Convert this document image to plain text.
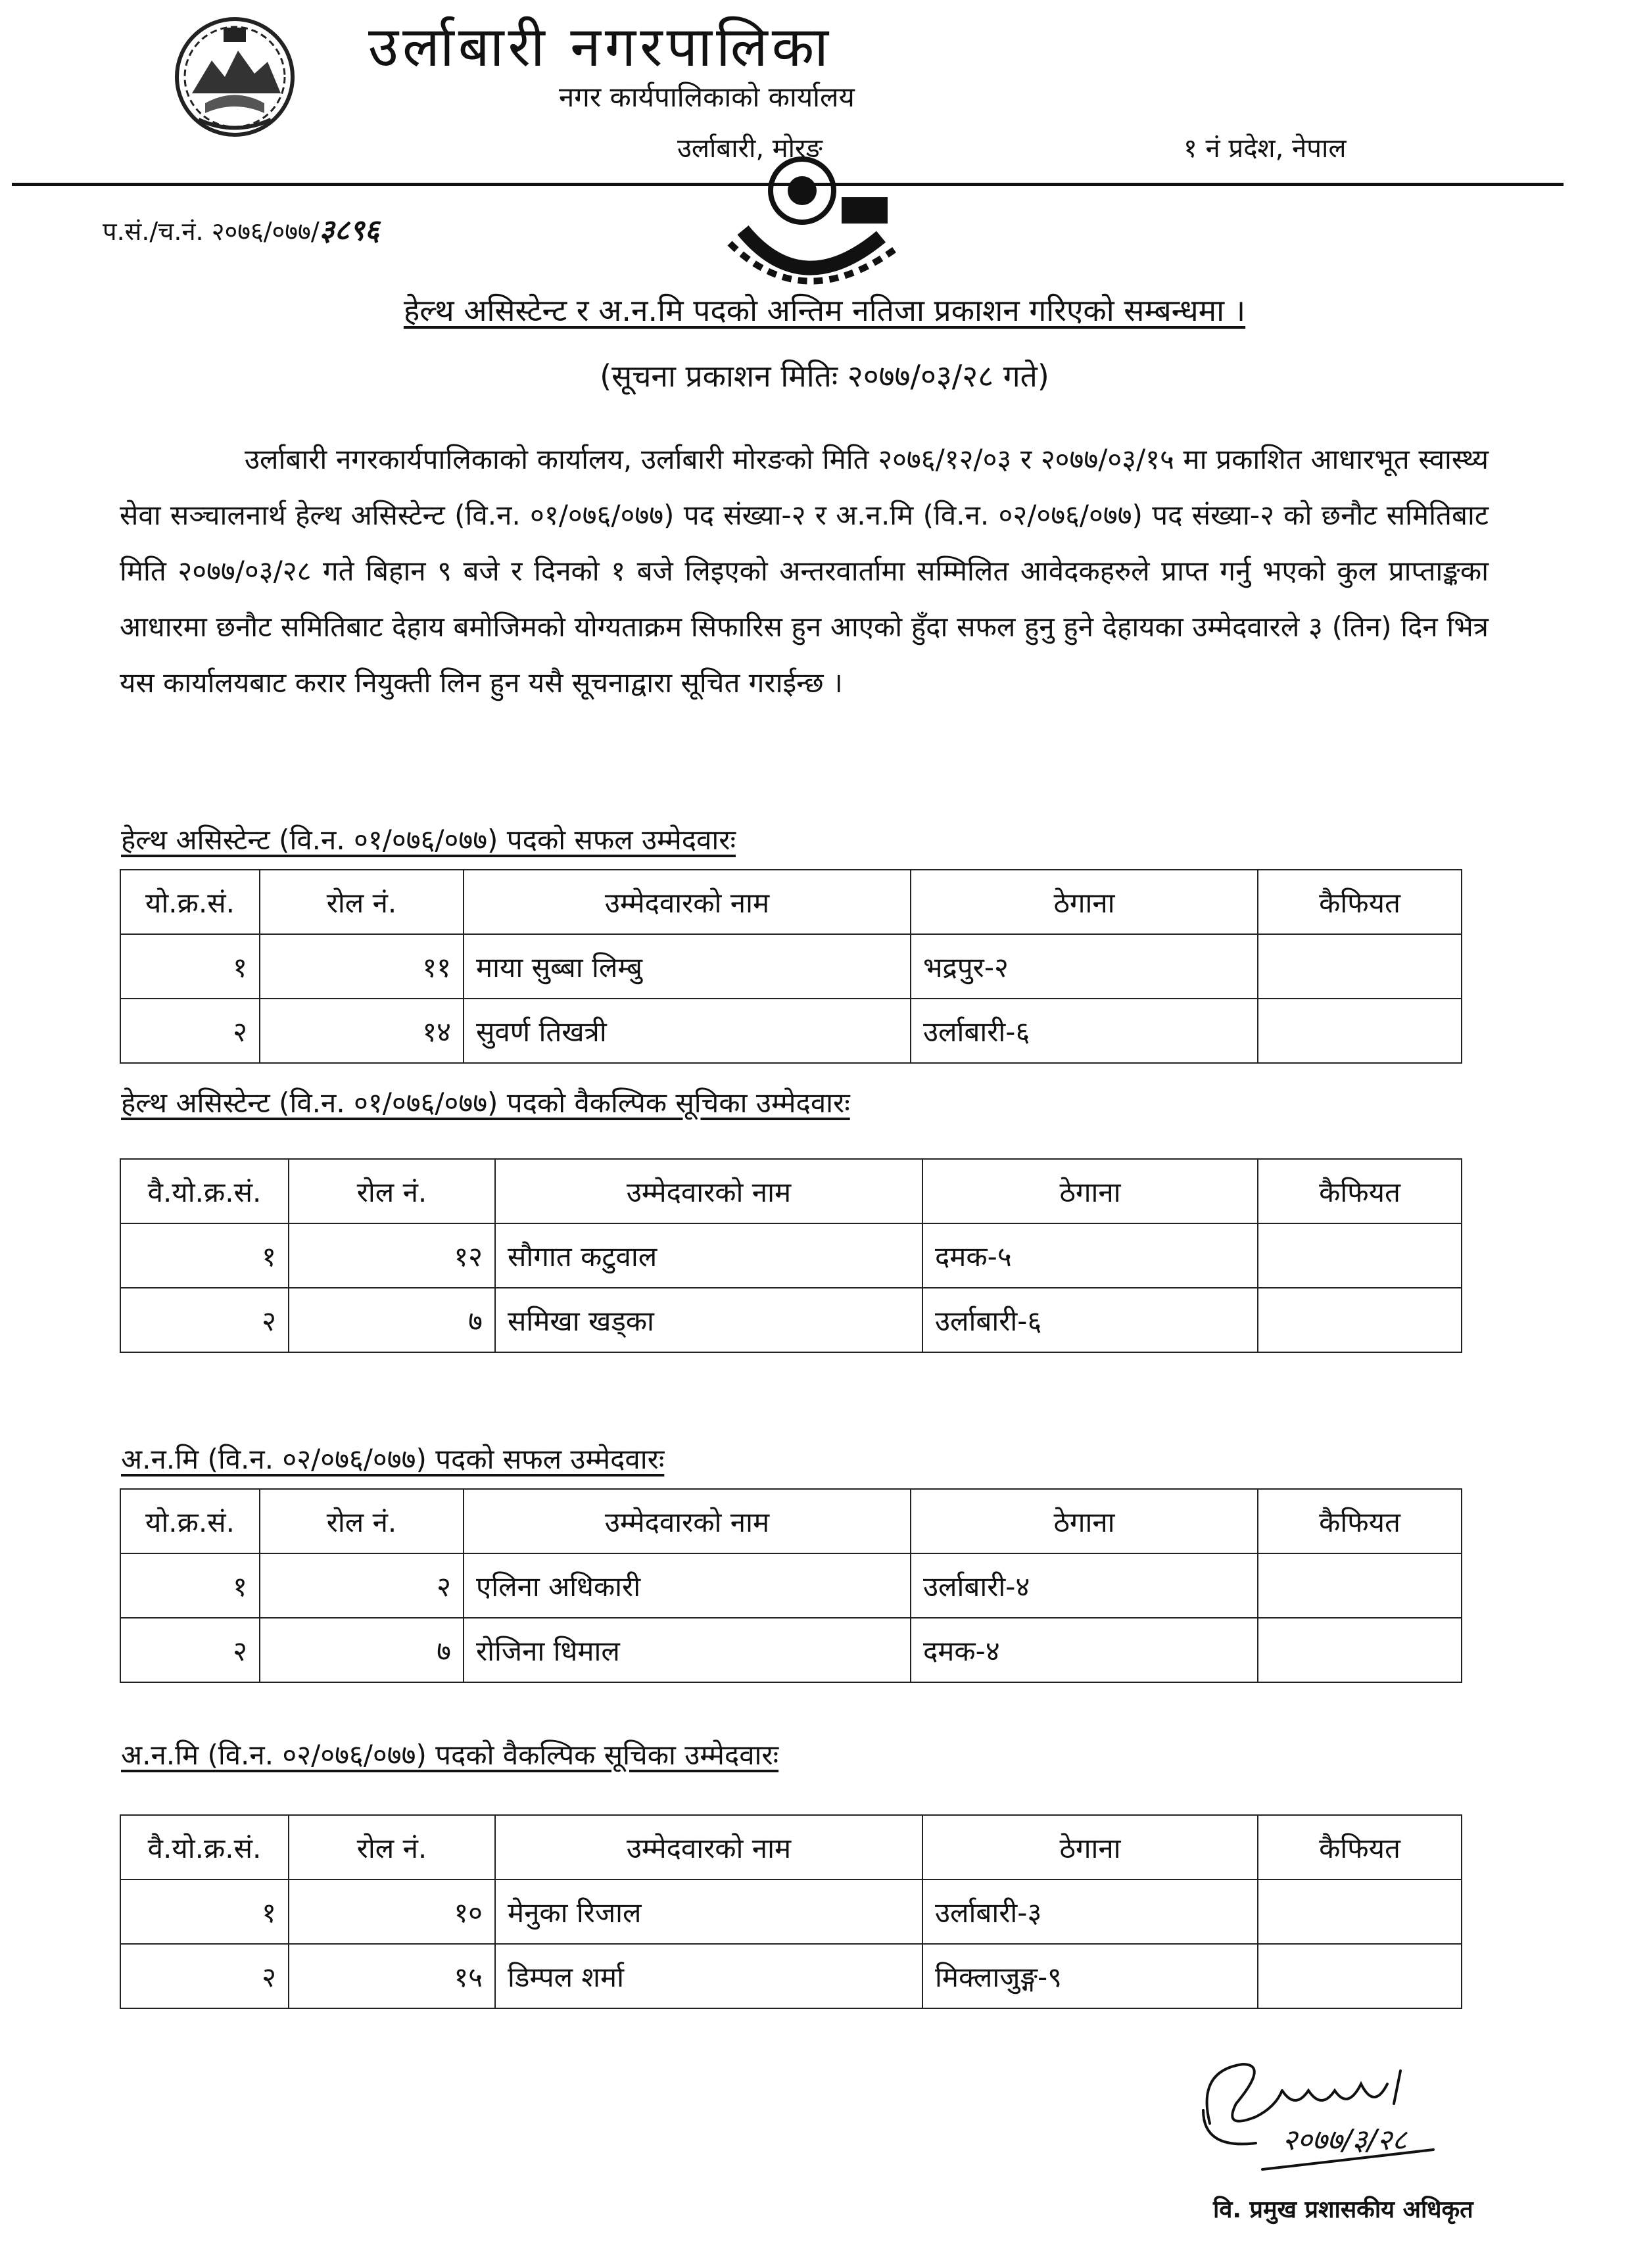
उर्लाबारी नगरपालिका
नगर कार्यपालिकाको कार्यालय
उर्लाबारी, मोरङ	१ नं प्रदेश, नेपाल
प.सं./च.नं. २०७६/०७७/३८९६
हेल्थ असिस्टेन्ट र अ.न.मि पदको अन्तिम नतिजा प्रकाशन गरिएको सम्बन्धमा ।
(सूचना प्रकाशन मितिः २०७७/०३/२८ गते)
उर्लाबारी नगरकार्यपालिकाको कार्यालय, उर्लाबारी मोरङको मिति २०७६/१२/०३ र २०७७/०३/१५ मा प्रकाशित आधारभूत स्वास्थ्य सेवा सञ्चालनार्थ हेल्थ असिस्टेन्ट (वि.न. ०१/०७६/०७७) पद संख्या-२ र अ.न.मि (वि.न. ०२/०७६/०७७) पद संख्या-२ को छनौट समितिबाट मिति २०७७/०३/२८ गते बिहान ९ बजे र दिनको १ बजे लिइएको अन्तरवार्तामा सम्मिलित आवेदकहरुले प्राप्त गर्नु भएको कुल प्राप्ताङ्कका आधारमा छनौट समितिबाट देहाय बमोजिमको योग्यताक्रम सिफारिस हुन आएको हुँदा सफल हुनु हुने देहायका उम्मेदवारले ३ (तिन) दिन भित्र यस कार्यालयबाट करार नियुक्ती लिन हुन यसै सूचनाद्वारा सूचित गराईन्छ ।
हेल्थ असिस्टेन्ट (वि.न. ०१/०७६/०७७) पदको सफल उम्मेदवारः
यो.क्र.सं.	रोल नं.	उम्मेदवारको नाम	ठेगाना	कैफियत
१	११	माया सुब्बा लिम्बु	भद्रपुर-२	
२	१४	सुवर्ण तिखत्री	उर्लाबारी-६	
हेल्थ असिस्टेन्ट (वि.न. ०१/०७६/०७७) पदको वैकल्पिक सूचिका उम्मेदवारः
वै.यो.क्र.सं.	रोल नं.	उम्मेदवारको नाम	ठेगाना	कैफियत
१	१२	सौगात कटुवाल	दमक-५	
२	७	समिखा खड्का	उर्लाबारी-६	
अ.न.मि (वि.न. ०२/०७६/०७७) पदको सफल उम्मेदवारः
यो.क्र.सं.	रोल नं.	उम्मेदवारको नाम	ठेगाना	कैफियत
१	२	एलिना अधिकारी	उर्लाबारी-४	
२	७	रोजिना धिमाल	दमक-४	
अ.न.मि (वि.न. ०२/०७६/०७७) पदको वैकल्पिक सूचिका उम्मेदवारः
वै.यो.क्र.सं.	रोल नं.	उम्मेदवारको नाम	ठेगाना	कैफियत
१	१०	मेनुका रिजाल	उर्लाबारी-३	
२	१५	डिम्पल शर्मा	मिक्लाजुङ्ग-९	
२०७७/३/२८
वि. प्रमुख प्रशासकीय अधिकृत
